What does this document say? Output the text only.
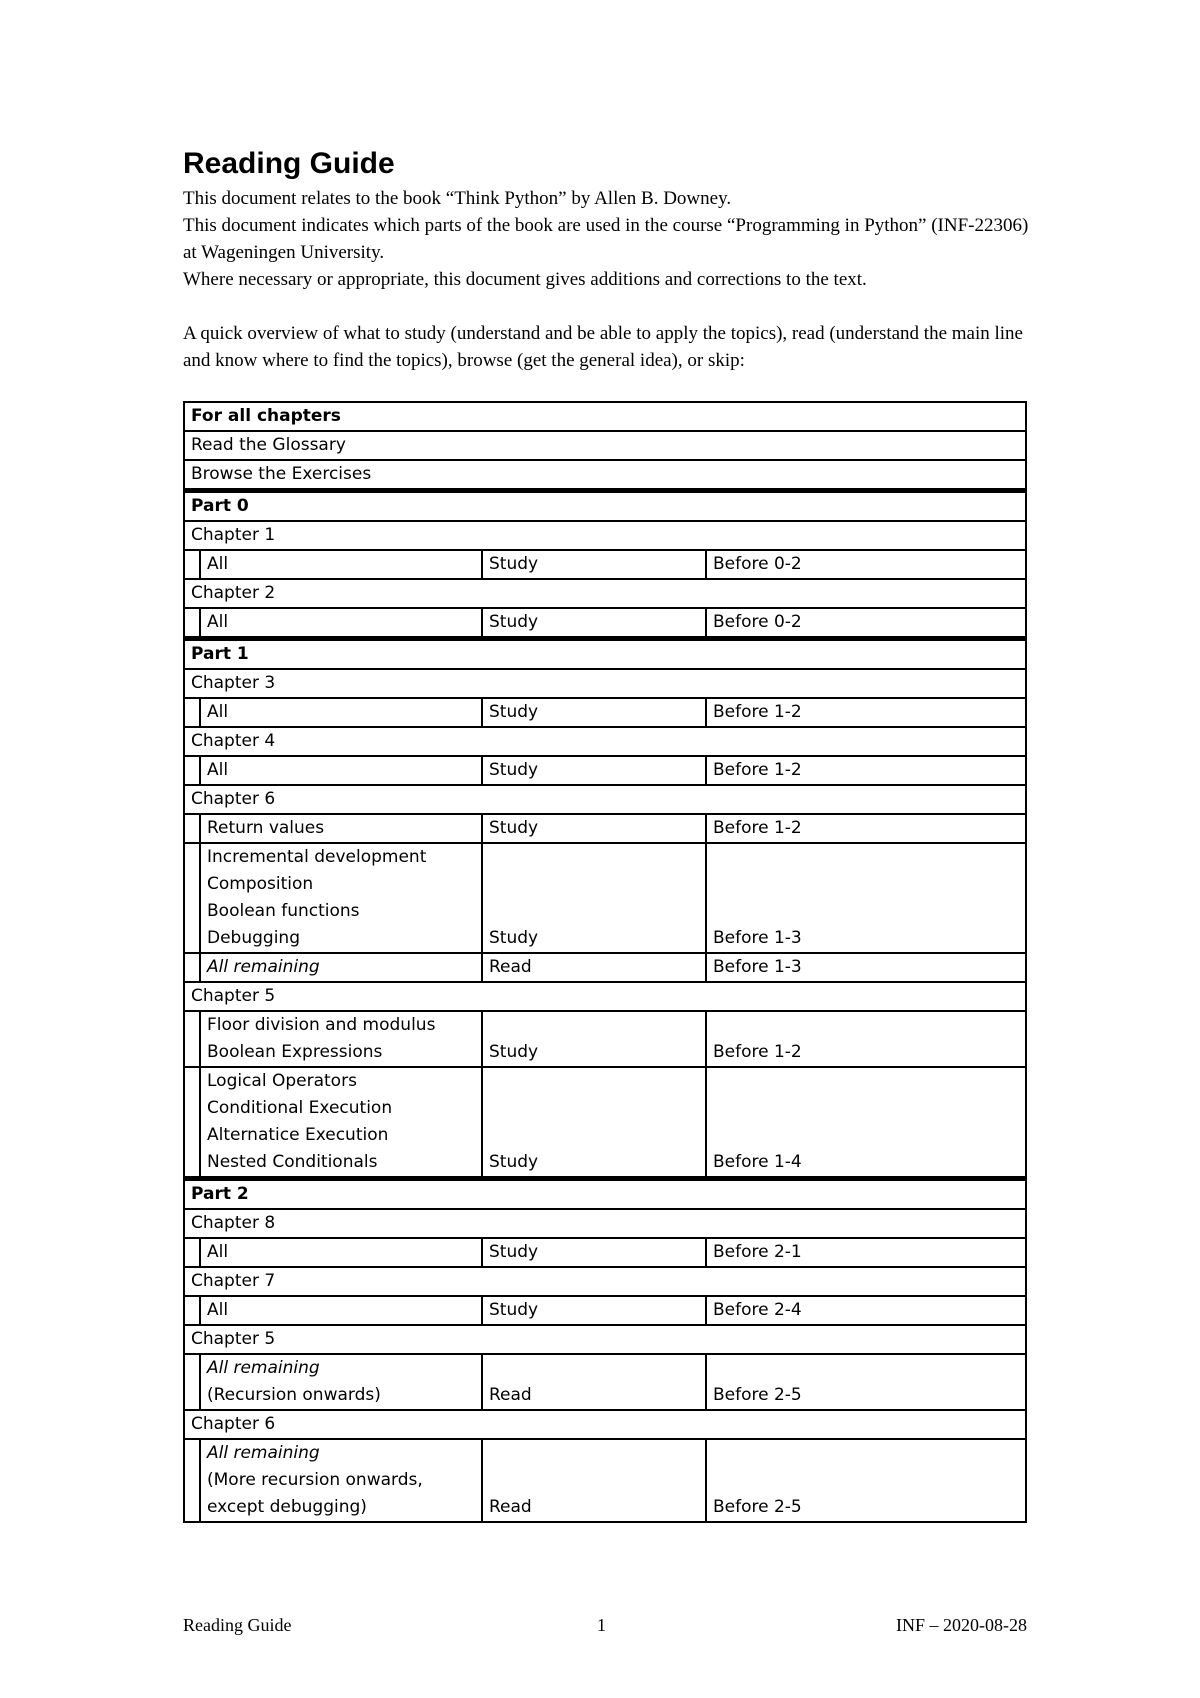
Reading Guide

This document relates to the book “Think Python” by Allen B. Downey.

This document indicates which parts of the book are used in the course “Programming in Python” (INF-22306) at Wageningen University.

Where necessary or appropriate, this document gives additions and corrections to the text.

A quick overview of what to study (understand and be able to apply the topics), read (understand the main line and know where to find the topics), browse (get the general idea), or skip:

For all chapters			
Read the Glossary			
Browse the Exercises			
Part 0			
Chapter 1			

	All	Study	Before 0-2
Chapter 2			

	All	Study	Before 0-2
Part 1			
Chapter 3			

	All	Study	Before 1-2
Chapter 4			

	All	Study	Before 1-2
Chapter 6			

	Return values	Study	Before 1-2

	Incremental development
Composition
Boolean functions
Debugging	Study	Before 1-3

	All remaining	Read	Before 1-3
Chapter 5			

	Floor division and modulus
Boolean Expressions	Study	Before 1-2

	Logical Operators
Conditional Execution
Alternatice Execution
Nested Conditionals	Study	Before 1-4
Part 2			
Chapter 8			

	All	Study	Before 2-1
Chapter 7			

	All	Study	Before 2-4
Chapter 5			

	All remaining
(Recursion onwards)	Read	Before 2-5
Chapter 6			

	All remaining
(More recursion onwards,
except debugging)	Read	Before 2-5
Reading Guide	1	INF – 2020-08-28
